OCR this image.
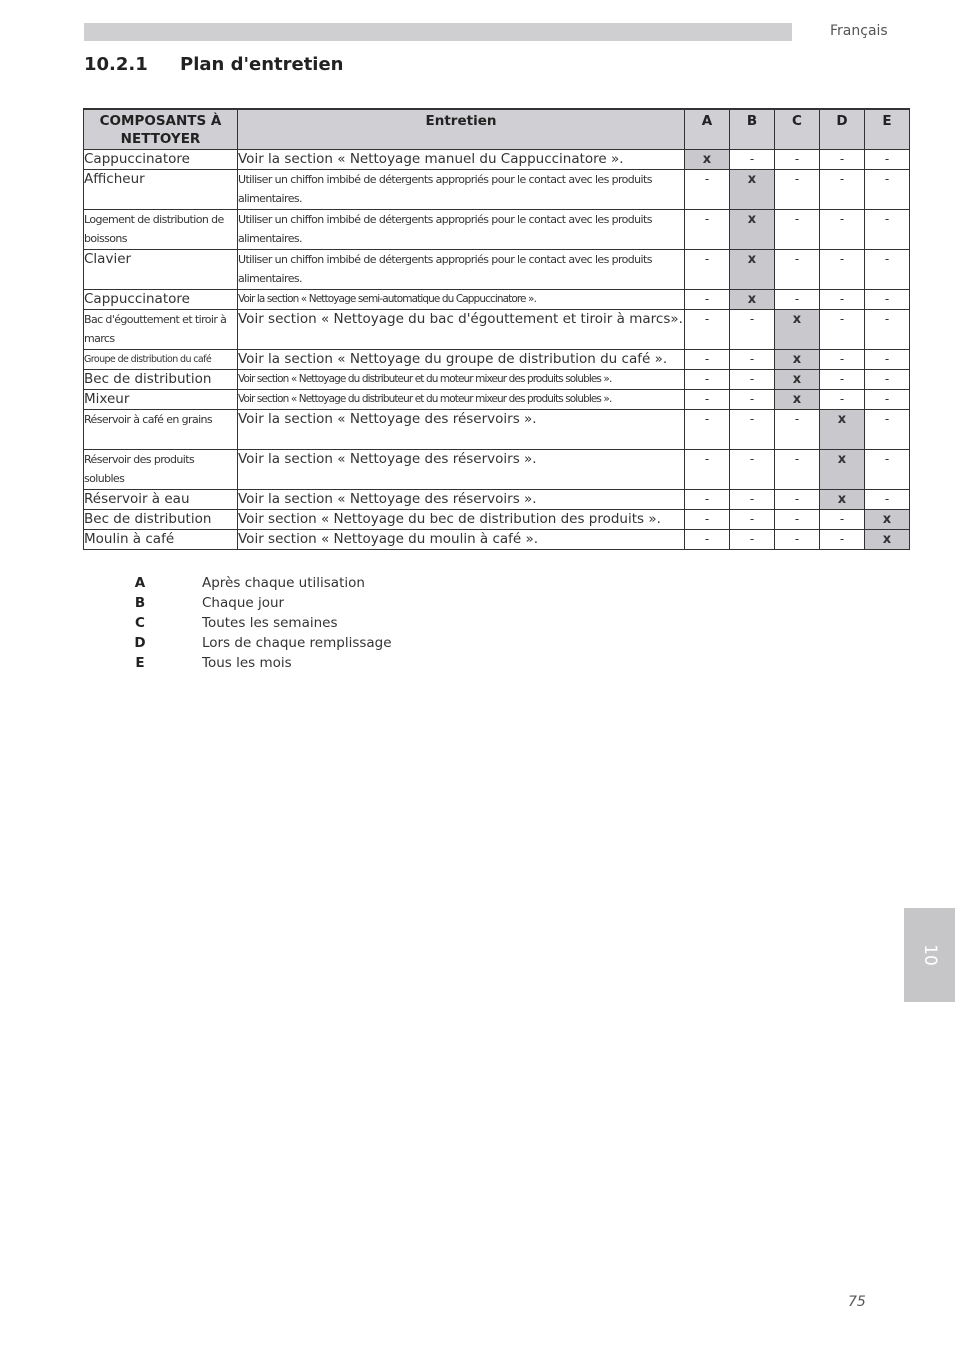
Français
10.2.1 Plan d'entretien
COMPOSANTS À NETTOYER	Entretien	A	B	C	D	E
Cappuccinatore	Voir la section « Nettoyage manuel du Cappuccinatore ».	x	-	-	-	-
Afficheur	Utiliser un chiffon imbibé de détergents appropriés pour le contact avec les produits alimentaires.	-	x	-	-	-
Logement de distribution de boissons	Utiliser un chiffon imbibé de détergents appropriés pour le contact avec les produits alimentaires.	-	x	-	-	-
Clavier	Utiliser un chiffon imbibé de détergents appropriés pour le contact avec les produits alimentaires.	-	x	-	-	-
Cappuccinatore	Voir la section « Nettoyage semi-automatique du Cappuccinatore ».	-	x	-	-	-
Bac d'égouttement et tiroir à marcs	Voir section « Nettoyage du bac d'égouttement et tiroir à marcs».	-	-	x	-	-
Groupe de distribution du café	Voir la section « Nettoyage du groupe de distribution du café ».	-	-	x	-	-
Bec de distribution	Voir section « Nettoyage du distributeur et du moteur mixeur des produits solubles ».	-	-	x	-	-
Mixeur	Voir section « Nettoyage du distributeur et du moteur mixeur des produits solubles ».	-	-	x	-	-
Réservoir à café en grains	Voir la section « Nettoyage des réservoirs ».	-	-	-	x	-
Réservoir des produits solubles	Voir la section « Nettoyage des réservoirs ».	-	-	-	x	-
Réservoir à eau	Voir la section « Nettoyage des réservoirs ».	-	-	-	x	-
Bec de distribution	Voir section « Nettoyage du bec de distribution des produits ».	-	-	-	-	x
Moulin à café	Voir section « Nettoyage du moulin à café ».	-	-	-	-	x
A	Après chaque utilisation
B	Chaque jour
C	Toutes les semaines
D	Lors de chaque remplissage
E	Tous les mois
10
75
